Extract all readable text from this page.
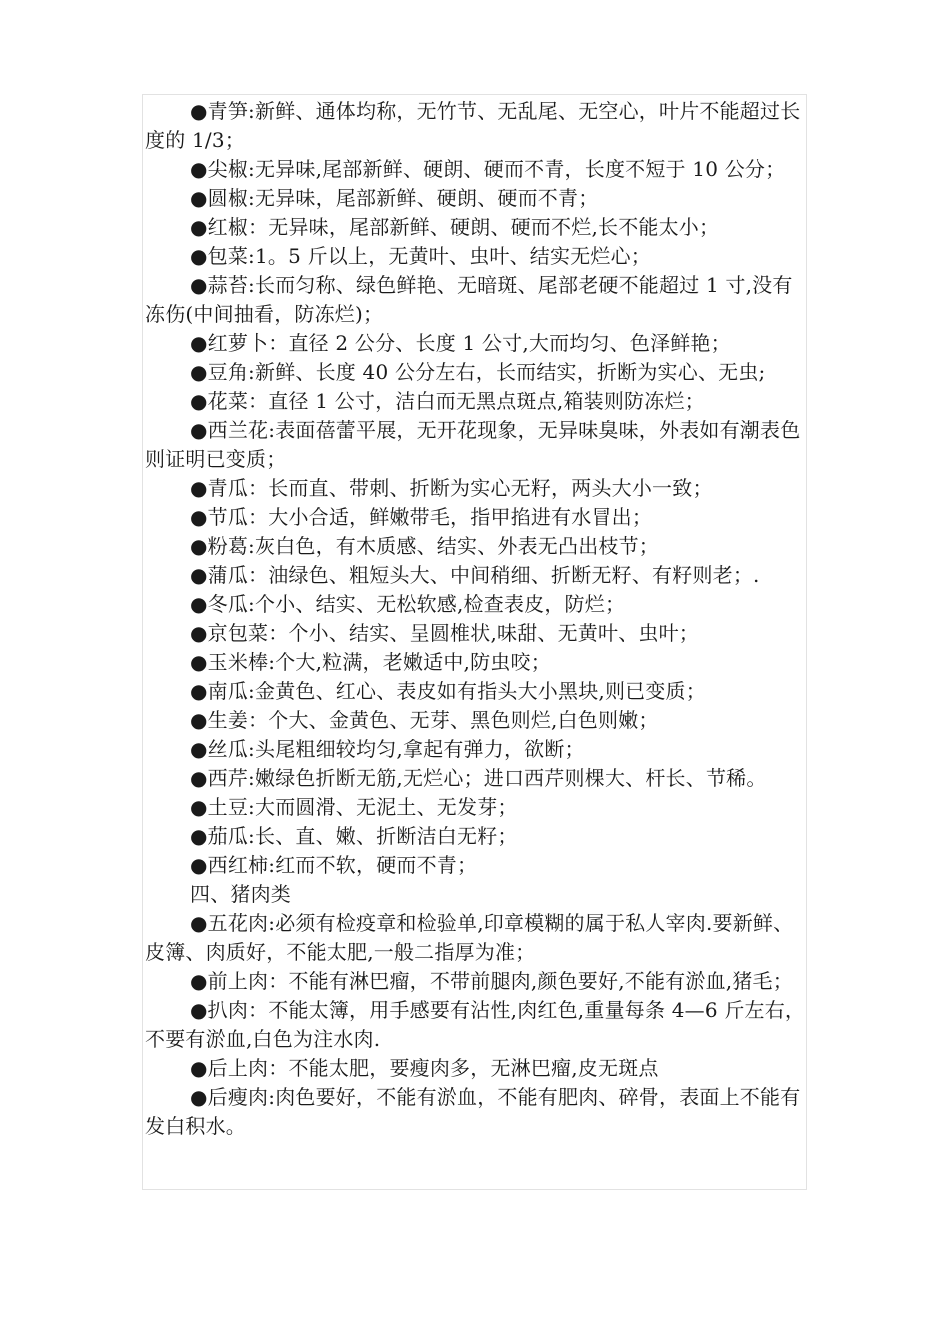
●青笋:新鲜、通体均称，无竹节、无乱尾、无空心，叶片不能超过长度的 1/3；

●尖椒:无异味,尾部新鲜、硬朗、硬而不青，长度不短于 10 公分；

●圆椒:无异味，尾部新鲜、硬朗、硬而不青；

●红椒：无异味，尾部新鲜、硬朗、硬而不烂,长不能太小；

●包菜:1。5 斤以上，无黄叶、虫叶、结实无烂心；

●蒜苔:长而匀称、绿色鲜艳、无暗斑、尾部老硬不能超过 1 寸,没有冻伤(中间抽看，防冻烂)；

●红萝卜：直径 2 公分、长度 1 公寸,大而均匀、色泽鲜艳；

●豆角:新鲜、长度 40 公分左右，长而结实，折断为实心、无虫;

●花菜：直径 1 公寸，洁白而无黑点斑点,箱装则防冻烂；

●西兰花:表面蓓蕾平展，无开花现象，无异味臭味，外表如有潮表色则证明已变质；

●青瓜：长而直、带刺、折断为实心无籽，两头大小一致；

●节瓜：大小合适，鲜嫩带毛，指甲掐进有水冒出；

●粉葛:灰白色，有木质感、结实、外表无凸出枝节；

●蒲瓜：油绿色、粗短头大、中间稍细、折断无籽、有籽则老；.

●冬瓜:个小、结实、无松软感,检查表皮，防烂；

●京包菜：个小、结实、呈圆椎状,味甜、无黄叶、虫叶；

●玉米棒:个大,粒满，老嫩适中,防虫咬；

●南瓜:金黄色、红心、表皮如有指头大小黑块,则已变质；

●生姜：个大、金黄色、无芽、黑色则烂,白色则嫩；

●丝瓜:头尾粗细较均匀,拿起有弹力，欲断；

●西芹:嫩绿色折断无筋,无烂心；进口西芹则棵大、杆长、节稀。

●土豆:大而圆滑、无泥土、无发芽；

●茄瓜:长、直、嫩、折断洁白无籽；

●西红柿:红而不软，硬而不青；

四、猪肉类

●五花肉:必须有检疫章和检验单,印章模糊的属于私人宰肉.要新鲜、皮簿、肉质好，不能太肥,一般二指厚为准；

●前上肉：不能有淋巴瘤，不带前腿肉,颜色要好,不能有淤血,猪毛；

●扒肉：不能太簿，用手感要有沾性,肉红色,重量每条 4—6 斤左右，不要有淤血,白色为注水肉.

●后上肉：不能太肥，要瘦肉多，无淋巴瘤,皮无斑点

●后瘦肉:肉色要好，不能有淤血，不能有肥肉、碎骨，表面上不能有发白积水。
